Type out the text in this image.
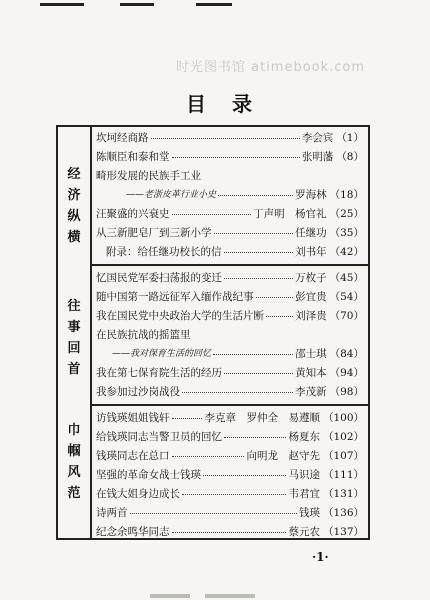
时光图书馆 atimebook.com
目录
经
济
纵
横
往
事
回
首
巾
帼
风
范
坎坷经商路	李会宾 （1）
陈顺臣和泰和堂	张明藩 （8）
畸形发展的民族手工业
——老浙皮革行业小史	罗海林 （18）
汪聚盛的兴衰史	丁声明　杨官礼 （25）
从三新肥皂厂到三新小学	任继功 （35）
附录：给任继功校长的信	刘书年 （42）
忆国民党军委扫荡报的变迁	万枚子 （45）
随中国第一路远征军入缅作战纪事	彭宜贵 （54）
我在国民党中央政治大学的生活片断	刘泽贵 （70）
在民族抗战的摇篮里
——我对保育生活的回忆	邵士琪 （84）
我在第七保育院生活的经历	黄知本 （94）
我参加过沙岗战役	李茂新 （98）
访钱瑛姐姐钱轩	李克章　罗仲全　易遵顺 （100）
给钱瑛同志当警卫员的回忆	杨夏东 （102）
钱瑛同志在总口	向明龙　赵守先 （107）
坚强的革命女战士钱瑛	马识途 （111）
在钱大姐身边成长	韦君宜 （131）
诗两首	钱瑛 （136）
纪念余鸣华同志	蔡元农 （137）
·1·
